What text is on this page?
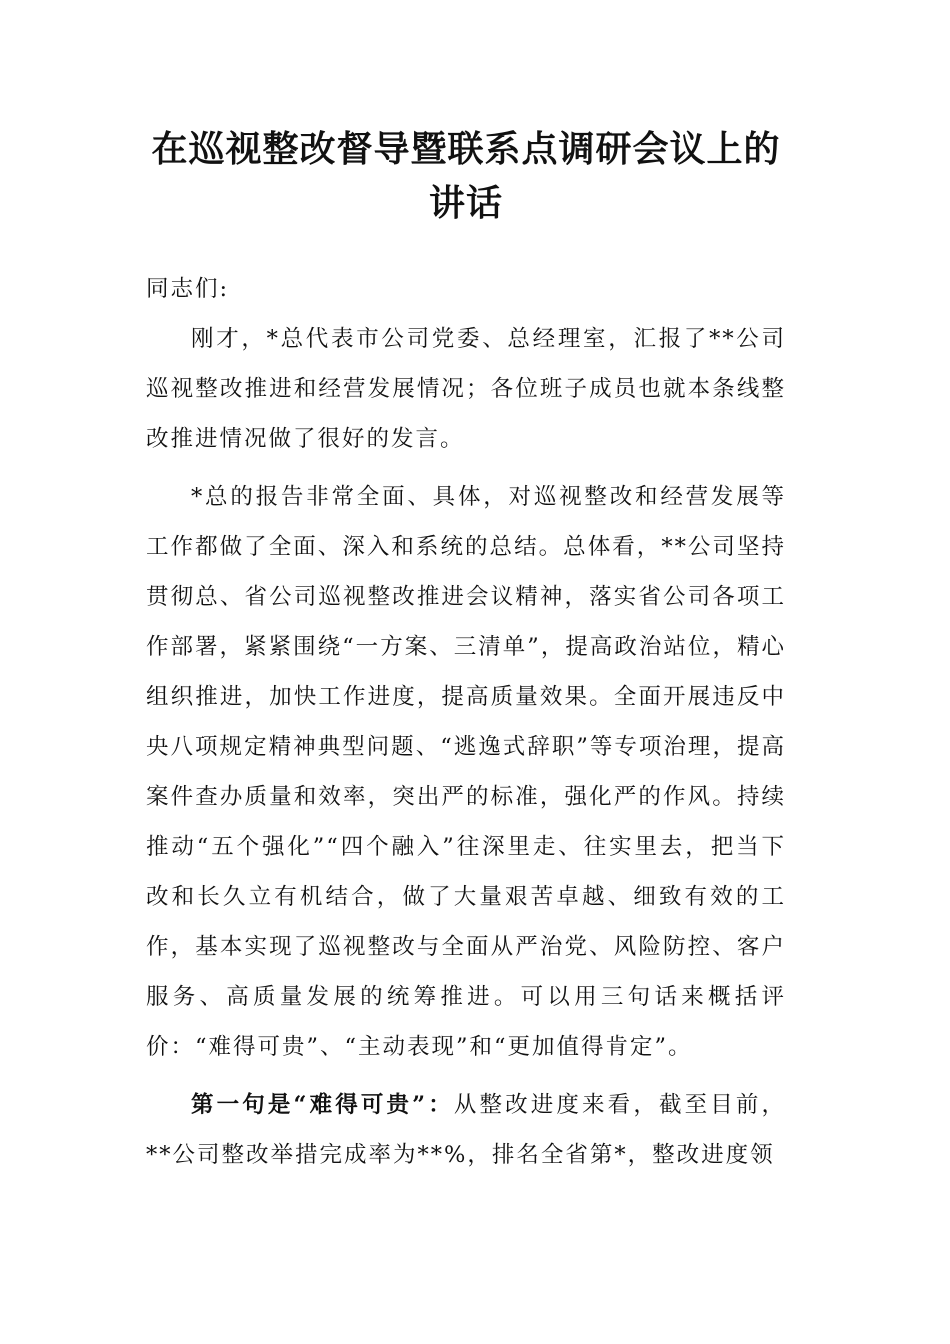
在巡视整改督导暨联系点调研会议上的讲话

同志们:

刚才，*总代表市公司党委、总经理室，汇报了**公司巡视整改推进和经营发展情况；各位班子成员也就本条线整改推进情况做了很好的发言。

*总的报告非常全面、具体，对巡视整改和经营发展等工作都做了全面、深入和系统的总结。总体看，**公司坚持贯彻总、省公司巡视整改推进会议精神，落实省公司各项工作部署，紧紧围绕“一方案、三清单”，提高政治站位，精心组织推进，加快工作进度，提高质量效果。全面开展违反中央八项规定精神典型问题、“逃逸式辞职”等专项治理，提高案件查办质量和效率，突出严的标准，强化严的作风。持续推动“五个强化”“四个融入”往深里走、往实里去，把当下改和长久立有机结合，做了大量艰苦卓越、细致有效的工作，基本实现了巡视整改与全面从严治党、风险防控、客户服务、高质量发展的统筹推进。可以用三句话来概括评价：“难得可贵”、“主动表现”和“更加值得肯定”。

第一句是“难得可贵”：从整改进度来看，截至目前，**公司整改举措完成率为**%，排名全省第*，整改进度领
